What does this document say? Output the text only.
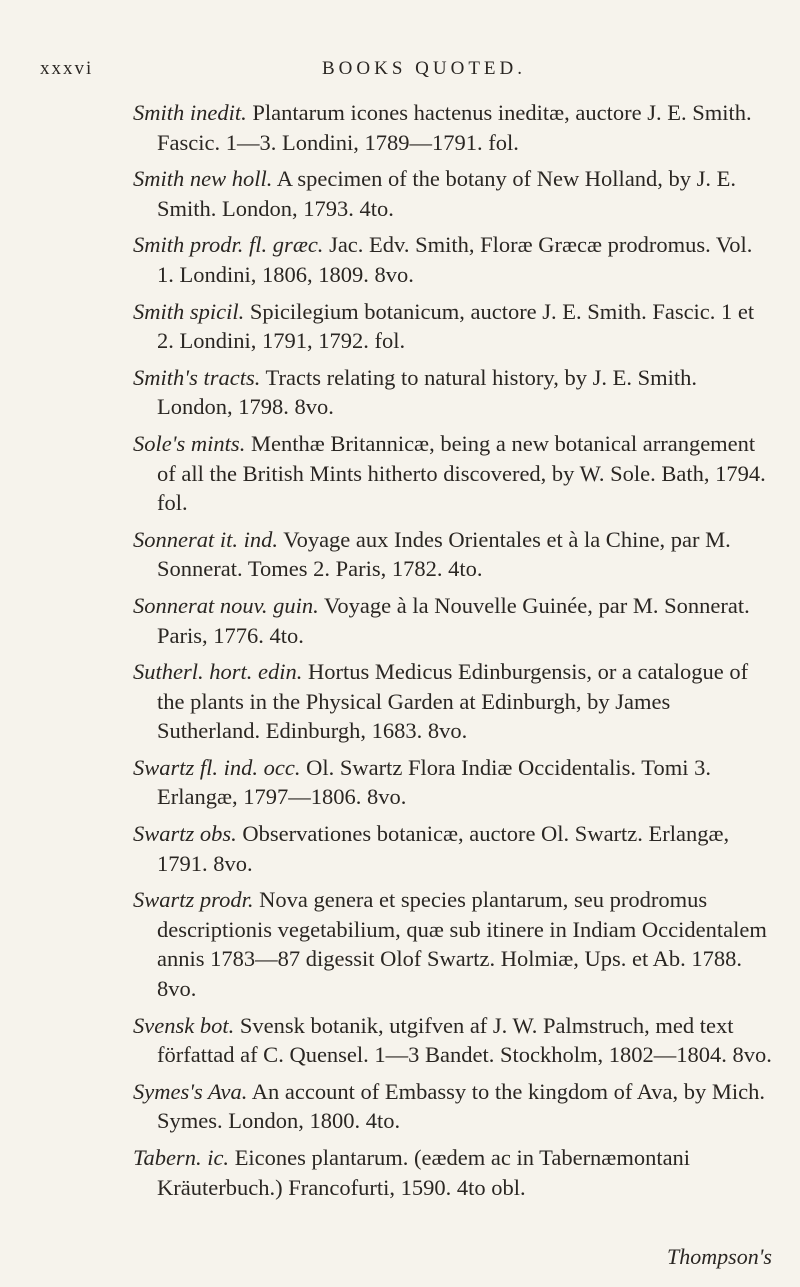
xxxvi	BOOKS QUOTED.

Smith inedit. Plantarum icones hactenus ineditæ, auctore J. E. Smith. Fascic. 1—3. Londini, 1789—1791. fol.

Smith new holl. A specimen of the botany of New Holland, by J. E. Smith. London, 1793. 4to.

Smith prodr. fl. græc. Jac. Edv. Smith, Floræ Græcæ prodromus. Vol. 1. Londini, 1806, 1809. 8vo.

Smith spicil. Spicilegium botanicum, auctore J. E. Smith. Fascic. 1 et 2. Londini, 1791, 1792. fol.

Smith's tracts. Tracts relating to natural history, by J. E. Smith. London, 1798. 8vo.

Sole's mints. Menthæ Britannicæ, being a new botanical arrangement of all the British Mints hitherto discovered, by W. Sole. Bath, 1794. fol.

Sonnerat it. ind. Voyage aux Indes Orientales et à la Chine, par M. Sonnerat. Tomes 2. Paris, 1782. 4to.

Sonnerat nouv. guin. Voyage à la Nouvelle Guinée, par M. Sonnerat. Paris, 1776. 4to.

Sutherl. hort. edin. Hortus Medicus Edinburgensis, or a catalogue of the plants in the Physical Garden at Edinburgh, by James Sutherland. Edinburgh, 1683. 8vo.

Swartz fl. ind. occ. Ol. Swartz Flora Indiæ Occidentalis. Tomi 3. Erlangæ, 1797—1806. 8vo.

Swartz obs. Observationes botanicæ, auctore Ol. Swartz. Erlangæ, 1791. 8vo.

Swartz prodr. Nova genera et species plantarum, seu prodromus descriptionis vegetabilium, quæ sub itinere in Indiam Occidentalem annis 1783—87 digessit Olof Swartz. Holmiæ, Ups. et Ab. 1788. 8vo.

Svensk bot. Svensk botanik, utgifven af J. W. Palmstruch, med text författad af C. Quensel. 1—3 Bandet. Stockholm, 1802—1804. 8vo.

Symes's Ava. An account of Embassy to the kingdom of Ava, by Mich. Symes. London, 1800. 4to.

Tabern. ic. Eicones plantarum. (eædem ac in Tabernæmontani Kräuterbuch.) Francofurti, 1590. 4to obl.

Thompson's
